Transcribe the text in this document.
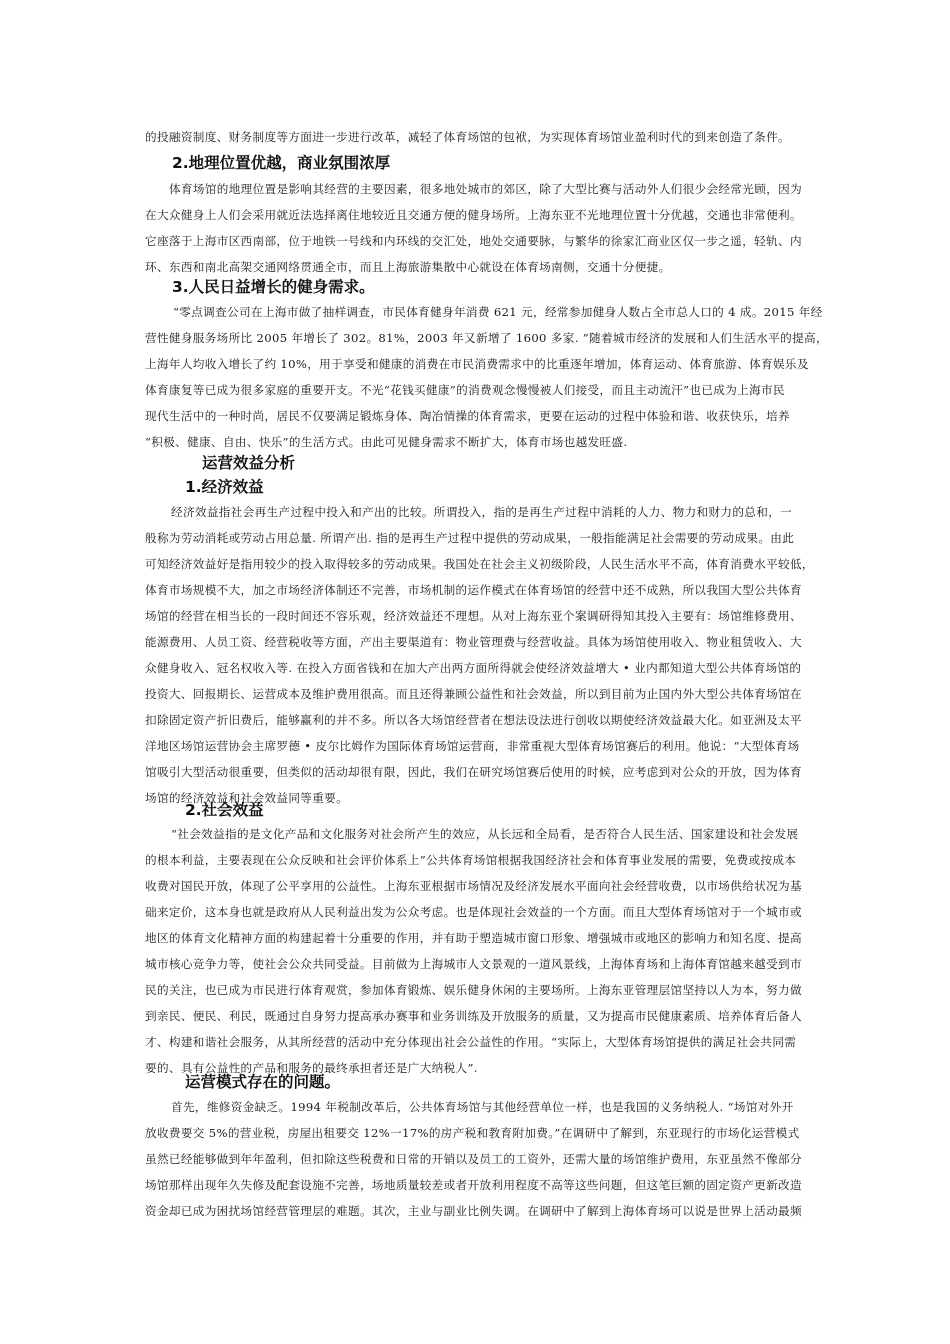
的投融资制度、财务制度等方面进一步进行改革，减轻了体育场馆的包袱，为实现体育场馆业盈利时代的到来创造了条件。
2.地理位置优越，商业氛围浓厚
体育场馆的地理位置是影响其经营的主要因素，很多地处城市的郊区，除了大型比赛与活动外人们很少会经常光顾，因为
在大众健身上人们会采用就近法选择离住地较近且交通方便的健身场所。上海东亚不光地理位置十分优越，交通也非常便利。
它座落于上海市区西南部，位于地铁一号线和内环线的交汇处，地处交通要脉，与繁华的徐家汇商业区仅一步之遥，轻轨、内
环、东西和南北高架交通网络贯通全市，而且上海旅游集散中心就设在体育场南侧，交通十分便捷。
3.人民日益增长的健身需求。
“零点调查公司在上海市做了抽样调查，市民体育健身年消费 621 元，经常参加健身人数占全市总人口的 4 成。2015 年经
营性健身服务场所比 2005 年增长了 302。81%，2003 年又新增了 1600 多家. ”随着城市经济的发展和人们生活水平的提高，
上海年人均收入增长了约 10%，用于享受和健康的消费在市民消费需求中的比重逐年增加，体育运动、体育旅游、体育娱乐及
体育康复等已成为很多家庭的重要开支。不光“花钱买健康”的消费观念慢慢被人们接受，而且主动流汗”也已成为上海市民
现代生活中的一种时尚，居民不仅要满足锻炼身体、陶冶情操的体育需求，更要在运动的过程中体验和谐、收获快乐，培养
“积极、健康、自由、快乐”的生活方式。由此可见健身需求不断扩大，体育市场也越发旺盛.
运营效益分析
1.经济效益
经济效益指社会再生产过程中投入和产出的比较。所谓投入，指的是再生产过程中消耗的人力、物力和财力的总和，一
般称为劳动消耗或劳动占用总量. 所谓产出. 指的是再生产过程中提供的劳动成果，一般指能满足社会需要的劳动成果。由此
可知经济效益好是指用较少的投入取得较多的劳动成果。我国处在社会主义初级阶段，人民生活水平不高，体育消费水平较低，
体育市场规模不大，加之市场经济体制还不完善，市场机制的运作模式在体育场馆的经营中还不成熟，所以我国大型公共体育
场馆的经营在相当长的一段时间还不容乐观，经济效益还不理想。从对上海东亚个案调研得知其投入主要有：场馆维修费用、
能源费用、人员工资、经营税收等方面，产出主要渠道有：物业管理费与经营收益。具体为场馆使用收入、物业租赁收入、大
众健身收入、冠名权收入等. 在投入方面省钱和在加大产出两方面所得就会使经济效益增大 • 业内都知道大型公共体育场馆的
投资大、回报期长、运营成本及维护费用很高。而且还得兼顾公益性和社会效益，所以到目前为止国内外大型公共体育场馆在
扣除固定资产折旧费后，能够赢利的并不多。所以各大场馆经营者在想法设法进行创收以期使经济效益最大化。如亚洲及太平
洋地区场馆运营协会主席罗德 • 皮尔比姆作为国际体育场馆运营商，非常重视大型体育场馆赛后的利用。他说：“大型体育场
馆吸引大型活动很重要，但类似的活动却很有限，因此，我们在研究场馆赛后使用的时候，应考虑到对公众的开放，因为体育
场馆的经济效益和社会效益同等重要。
2.社会效益
“社会效益指的是文化产品和文化服务对社会所产生的效应，从长远和全局看，是否符合人民生活、国家建设和社会发展
的根本利益，主要表现在公众反映和社会评价体系上”公共体育场馆根据我国经济社会和体育事业发展的需要，免费或按成本
收费对国民开放，体现了公平享用的公益性。上海东亚根据市场情况及经济发展水平面向社会经营收费，以市场供给状况为基
础来定价，这本身也就是政府从人民利益出发为公众考虑。也是体现社会效益的一个方面。而且大型体育场馆对于一个城市或
地区的体育文化精神方面的构建起着十分重要的作用，并有助于塑造城市窗口形象、增强城市或地区的影响力和知名度、提高
城市核心竞争力等，使社会公众共同受益。目前做为上海城市人文景观的一道风景线，上海体育场和上海体育馆越来越受到市
民的关注，也已成为市民进行体育观赏，参加体育锻炼、娱乐健身休闲的主要场所。上海东亚管理层馆坚持以人为本，努力做
到亲民、便民、利民，既通过自身努力提高承办赛事和业务训练及开放服务的质量，又为提高市民健康素质、培养体育后备人
才、构建和谐社会服务，从其所经营的活动中充分体现出社会公益性的作用。“实际上，大型体育场馆提供的满足社会共同需
要的、具有公益性的产品和服务的最终承担者还是广大纳税人”.
运营模式存在的问题。
首先，维修资金缺乏。1994 年税制改革后，公共体育场馆与其他经营单位一样，也是我国的义务纳税人. “场馆对外开
放收费要交 5%的营业税，房屋出租要交 12%一17%的房产税和教育附加费。”在调研中了解到，东亚现行的市场化运营模式
虽然已经能够做到年年盈利，但扣除这些税费和日常的开销以及员工的工资外，还需大量的场馆维护费用，东亚虽然不像部分
场馆那样出现年久失修及配套设施不完善，场地质量较差或者开放利用程度不高等这些问题，但这笔巨额的固定资产更新改造
资金却已成为困扰场馆经营管理层的难题。其次，主业与副业比例失调。在调研中了解到上海体育场可以说是世界上活动最频
